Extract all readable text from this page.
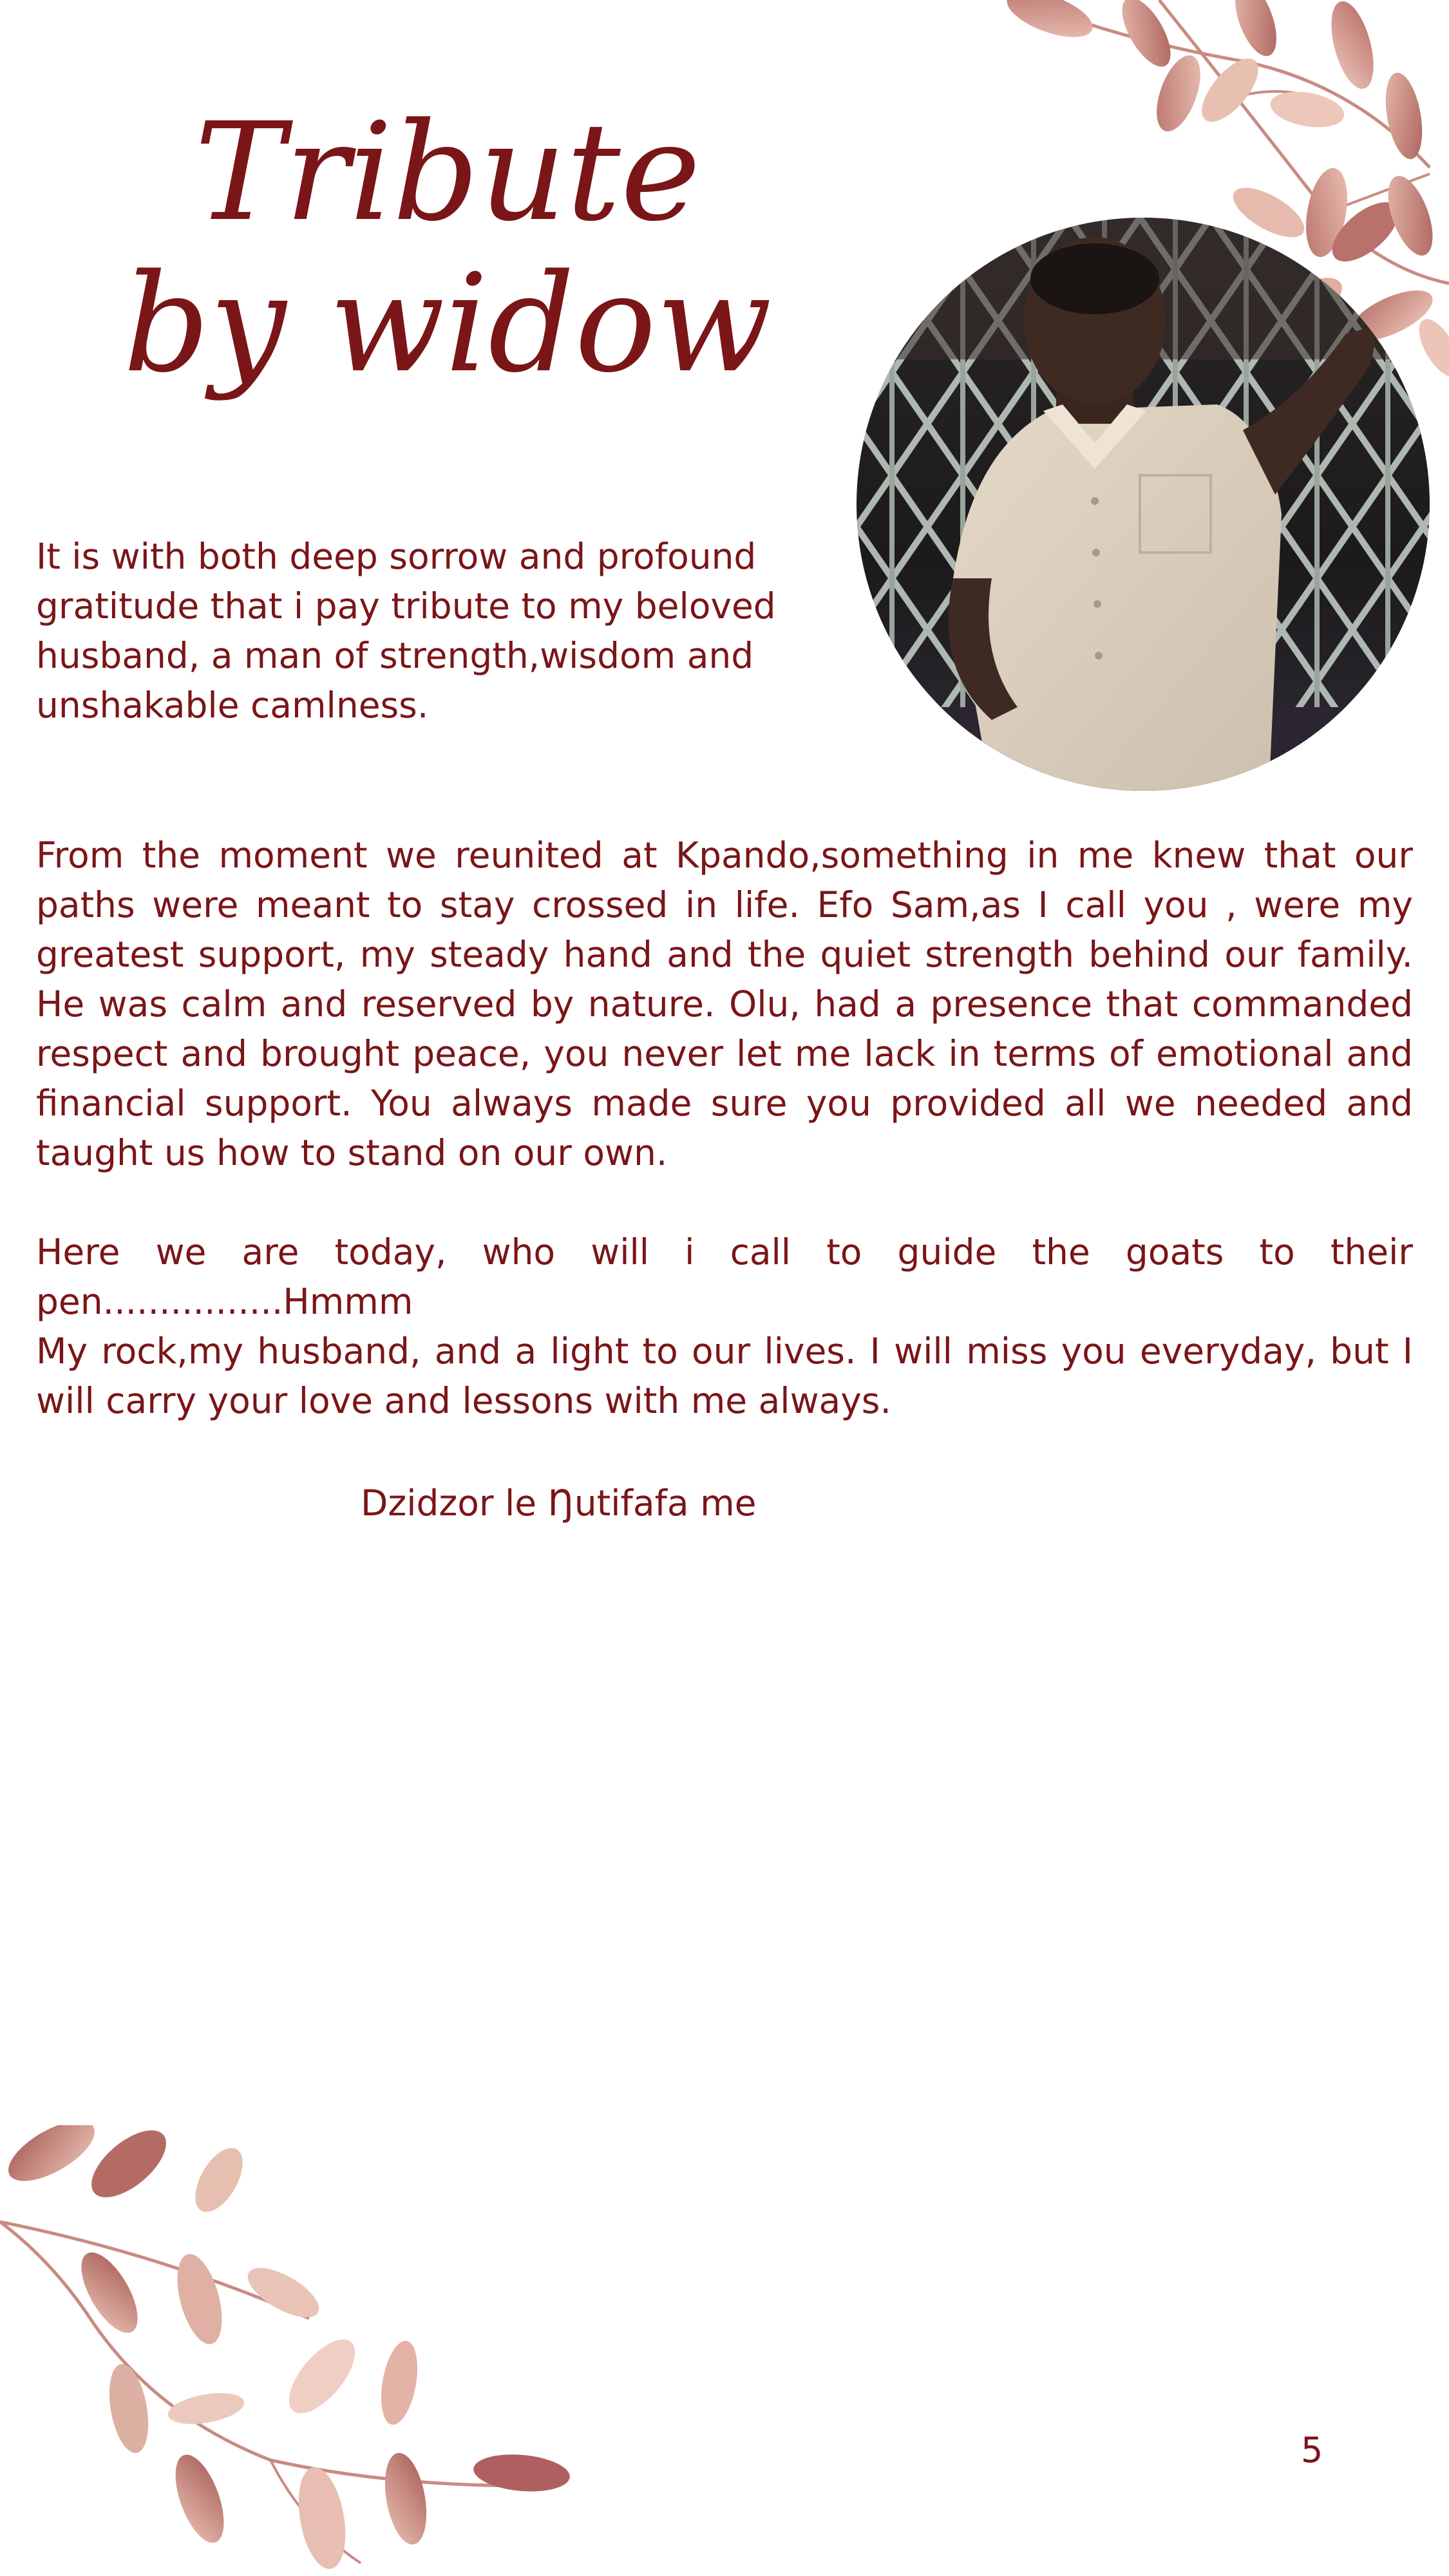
Tribute by widow

It is with both deep sorrow and profound gratitude that i pay tribute to my beloved husband, a man of strength,wisdom and unshakable camlness.

From the moment we reunited at Kpando,something in me knew that our paths were meant to stay crossed in life. Efo Sam,as I call you , were my greatest support, my steady hand and the quiet strength behind our family. He was calm and reserved by nature. Olu, had a presence that commanded respect and brought peace, you never let me lack in terms of emotional and financial support. You always made sure you provided all we needed and taught us how to stand on our own.

Here we are today, who will i call to guide the goats to their pen................Hmmm
My rock,my husband, and a light to our lives. I will miss you everyday, but I will carry your love and lessons with me always.

Dzidzor le Ŋutifafa me

5
